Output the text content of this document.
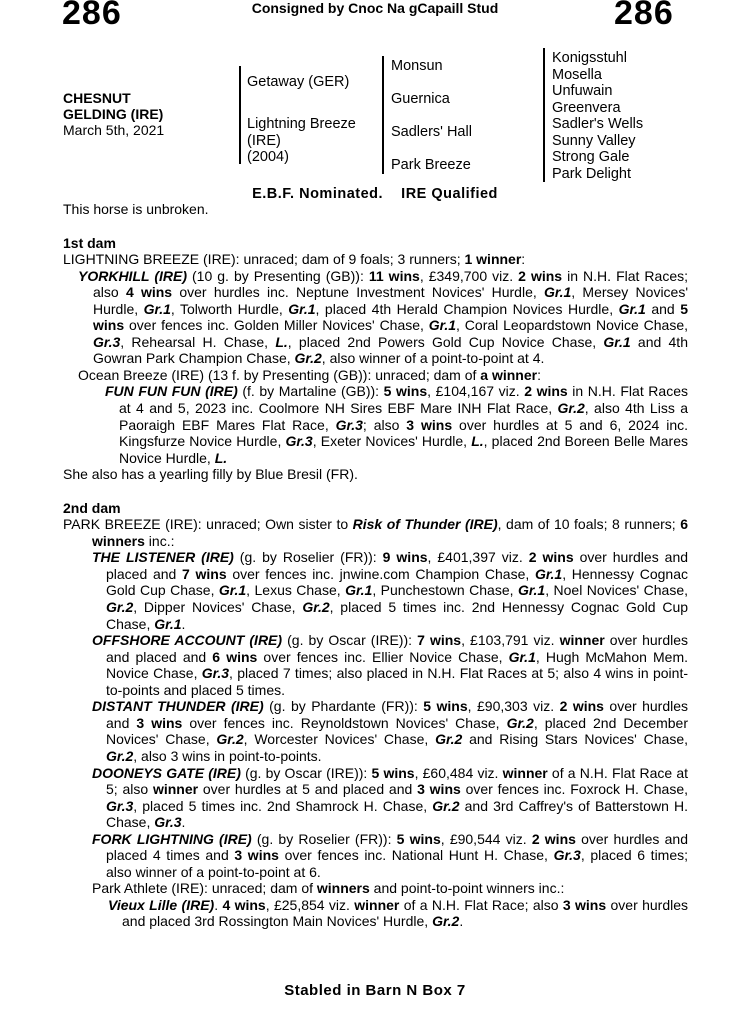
286	Consigned by Cnoc Na gCapaill Stud	286
CHESNUT
GELDING (IRE)
March 5th, 2021
Getaway (GER)
Lightning Breeze
(IRE)
(2004)
Monsun
Guernica
Sadlers' Hall
Park Breeze
Konigsstuhl
Mosella
Unfuwain
Greenvera
Sadler's Wells
Sunny Valley
Strong Gale
Park Delight
E.B.F. Nominated.    IRE Qualified

This horse is unbroken.

1st dam

LIGHTNING BREEZE (IRE): unraced; dam of 9 foals; 3 runners; 1 winner:

YORKHILL (IRE) (10 g. by Presenting (GB)): 11 wins, £349,700 viz. 2 wins in N.H. Flat Races; also 4 wins over hurdles inc. Neptune Investment Novices' Hurdle, Gr.1, Mersey Novices' Hurdle, Gr.1, Tolworth Hurdle, Gr.1, placed 4th Herald Champion Novices Hurdle, Gr.1 and 5 wins over fences inc. Golden Miller Novices' Chase, Gr.1, Coral Leopardstown Novice Chase, Gr.3, Rehearsal H. Chase, L., placed 2nd Powers Gold Cup Novice Chase, Gr.1 and 4th Gowran Park Champion Chase, Gr.2, also winner of a point-to-point at 4.

Ocean Breeze (IRE) (13 f. by Presenting (GB)): unraced; dam of a winner:

FUN FUN FUN (IRE) (f. by Martaline (GB)): 5 wins, £104,167 viz. 2 wins in N.H. Flat Races at 4 and 5, 2023 inc. Coolmore NH Sires EBF Mare INH Flat Race, Gr.2, also 4th Liss a Paoraigh EBF Mares Flat Race, Gr.3; also 3 wins over hurdles at 5 and 6, 2024 inc. Kingsfurze Novice Hurdle, Gr.3, Exeter Novices' Hurdle, L., placed 2nd Boreen Belle Mares Novice Hurdle, L.

She also has a yearling filly by Blue Bresil (FR).

2nd dam

PARK BREEZE (IRE): unraced; Own sister to Risk of Thunder (IRE), dam of 10 foals; 8 runners; 6 winners inc.:

THE LISTENER (IRE) (g. by Roselier (FR)): 9 wins, £401,397 viz. 2 wins over hurdles and placed and 7 wins over fences inc. jnwine.com Champion Chase, Gr.1, Hennessy Cognac Gold Cup Chase, Gr.1, Lexus Chase, Gr.1, Punchestown Chase, Gr.1, Noel Novices' Chase, Gr.2, Dipper Novices' Chase, Gr.2, placed 5 times inc. 2nd Hennessy Cognac Gold Cup Chase, Gr.1.

OFFSHORE ACCOUNT (IRE) (g. by Oscar (IRE)): 7 wins, £103,791 viz. winner over hurdles and placed and 6 wins over fences inc. Ellier Novice Chase, Gr.1, Hugh McMahon Mem. Novice Chase, Gr.3, placed 7 times; also placed in N.H. Flat Races at 5; also 4 wins in point-to-points and placed 5 times.

DISTANT THUNDER (IRE) (g. by Phardante (FR)): 5 wins, £90,303 viz. 2 wins over hurdles and 3 wins over fences inc. Reynoldstown Novices' Chase, Gr.2, placed 2nd December Novices' Chase, Gr.2, Worcester Novices' Chase, Gr.2 and Rising Stars Novices' Chase, Gr.2, also 3 wins in point-to-points.

DOONEYS GATE (IRE) (g. by Oscar (IRE)): 5 wins, £60,484 viz. winner of a N.H. Flat Race at 5; also winner over hurdles at 5 and placed and 3 wins over fences inc. Foxrock H. Chase, Gr.3, placed 5 times inc. 2nd Shamrock H. Chase, Gr.2 and 3rd Caffrey's of Batterstown H. Chase, Gr.3.

FORK LIGHTNING (IRE) (g. by Roselier (FR)): 5 wins, £90,544 viz. 2 wins over hurdles and placed 4 times and 3 wins over fences inc. National Hunt H. Chase, Gr.3, placed 6 times; also winner of a point-to-point at 6.

Park Athlete (IRE): unraced; dam of winners and point-to-point winners inc.:

Vieux Lille (IRE). 4 wins, £25,854 viz. winner of a N.H. Flat Race; also 3 wins over hurdles and placed 3rd Rossington Main Novices' Hurdle, Gr.2.

Stabled in Barn N Box 7
